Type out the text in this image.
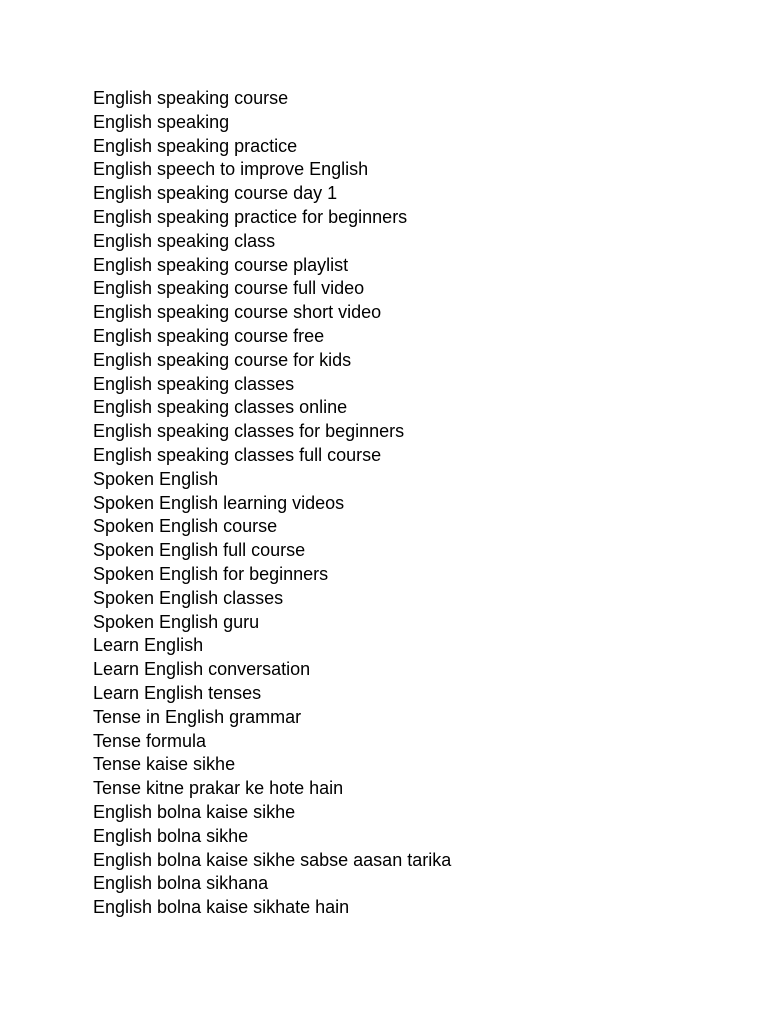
English speaking course
English speaking
English speaking practice
English speech to improve English
English speaking course day 1
English speaking practice for beginners
English speaking class
English speaking course playlist
English speaking course full video
English speaking course short video
English speaking course free
English speaking course for kids
English speaking classes
English speaking classes online
English speaking classes for beginners
English speaking classes full course
Spoken English
Spoken English learning videos
Spoken English course
Spoken English full course
Spoken English for beginners
Spoken English classes
Spoken English guru
Learn English
Learn English conversation
Learn English tenses
Tense in English grammar
Tense formula
Tense kaise sikhe
Tense kitne prakar ke hote hain
English bolna kaise sikhe
English bolna sikhe
English bolna kaise sikhe sabse aasan tarika
English bolna sikhana
English bolna kaise sikhate hain
